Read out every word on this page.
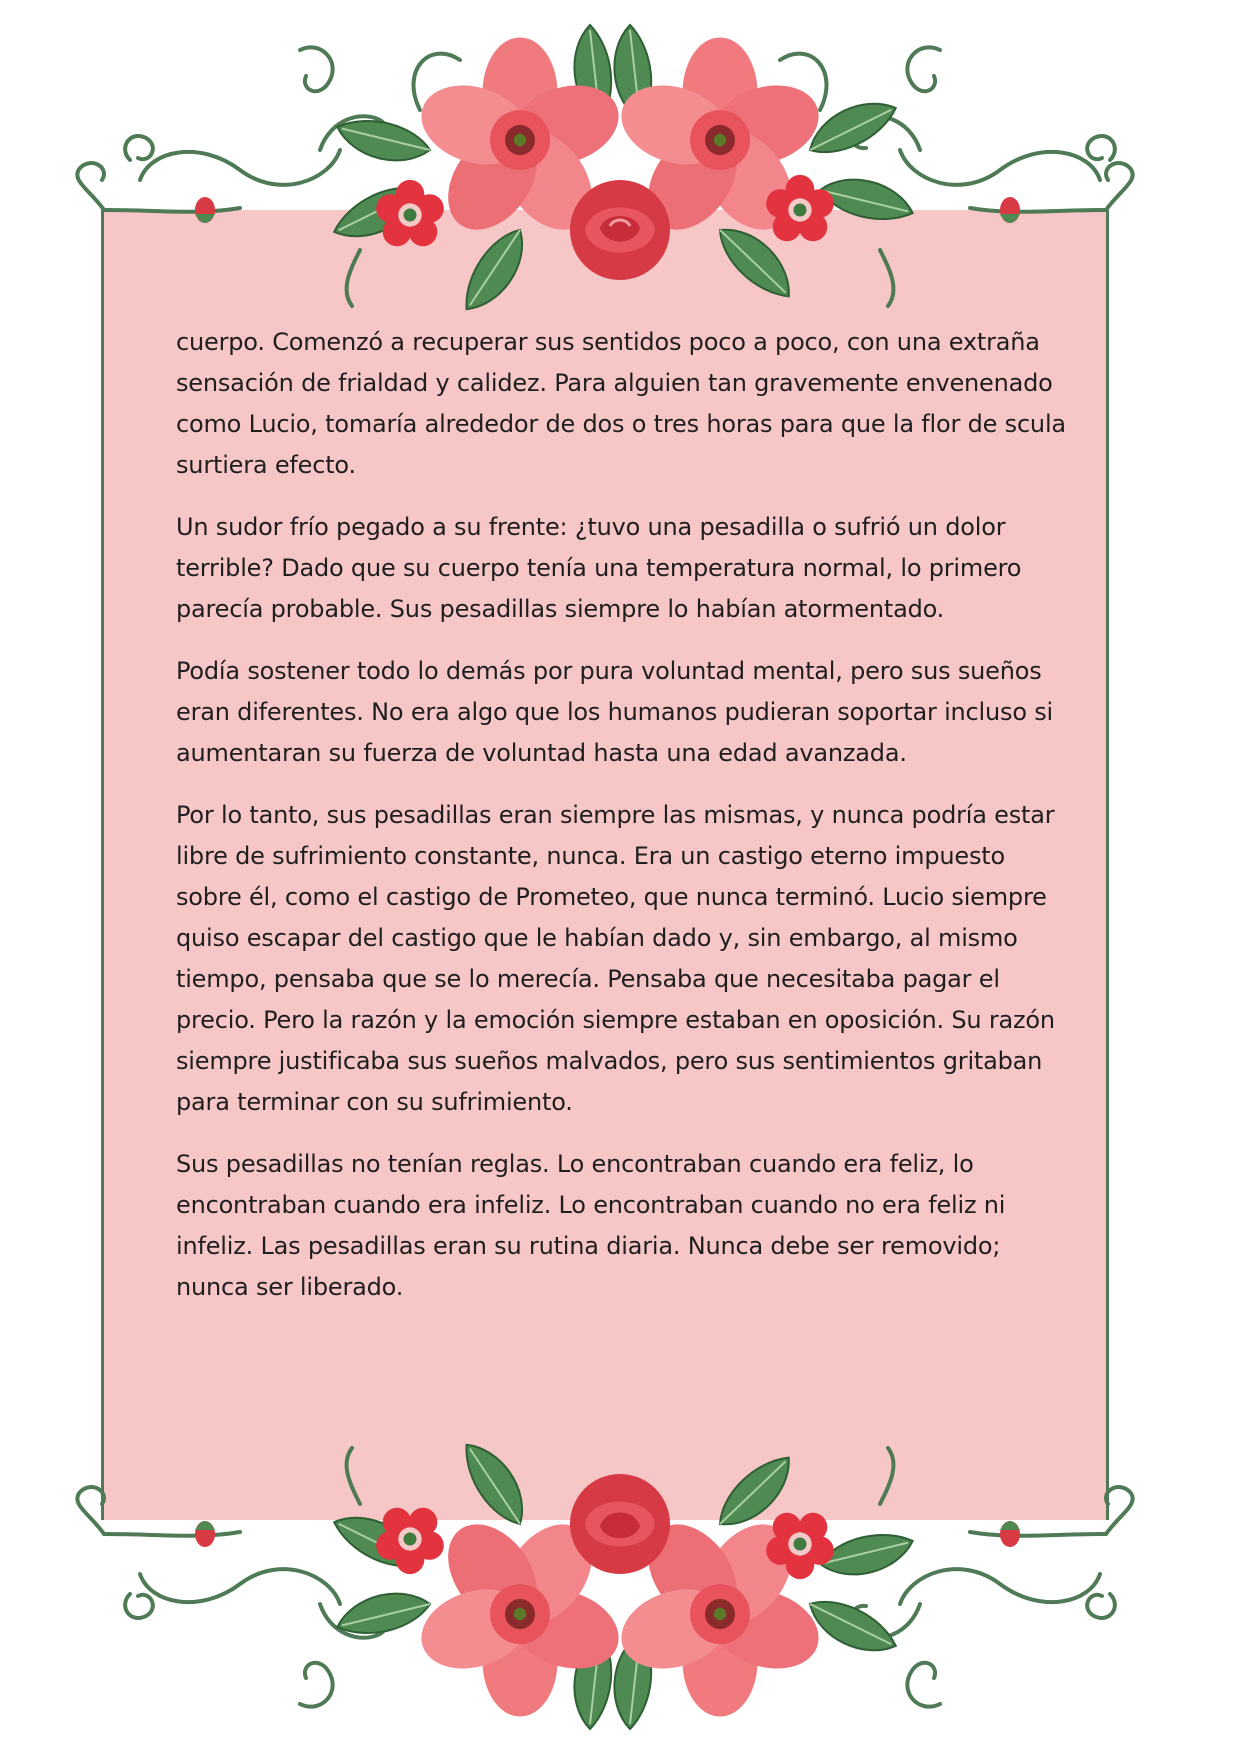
cuerpo. Comenzó a recuperar sus sentidos poco a poco, con una extraña sensación de frialdad y calidez. Para alguien tan gravemente envenenado como Lucio, tomaría alrededor de dos o tres horas para que la flor de scula surtiera efecto.

Un sudor frío pegado a su frente: ¿tuvo una pesadilla o sufrió un dolor terrible? Dado que su cuerpo tenía una temperatura normal, lo primero parecía probable. Sus pesadillas siempre lo habían atormentado.

Podía sostener todo lo demás por pura voluntad mental, pero sus sueños eran diferentes. No era algo que los humanos pudieran soportar incluso si aumentaran su fuerza de voluntad hasta una edad avanzada.

Por lo tanto, sus pesadillas eran siempre las mismas, y nunca podría estar libre de sufrimiento constante, nunca. Era un castigo eterno impuesto sobre él, como el castigo de Prometeo, que nunca terminó. Lucio siempre quiso escapar del castigo que le habían dado y, sin embargo, al mismo tiempo, pensaba que se lo merecía. Pensaba que necesitaba pagar el precio. Pero la razón y la emoción siempre estaban en oposición. Su razón siempre justificaba sus sueños malvados, pero sus sentimientos gritaban para terminar con su sufrimiento.

Sus pesadillas no tenían reglas. Lo encontraban cuando era feliz, lo encontraban cuando era infeliz. Lo encontraban cuando no era feliz ni infeliz. Las pesadillas eran su rutina diaria. Nunca debe ser removido; nunca ser liberado.
